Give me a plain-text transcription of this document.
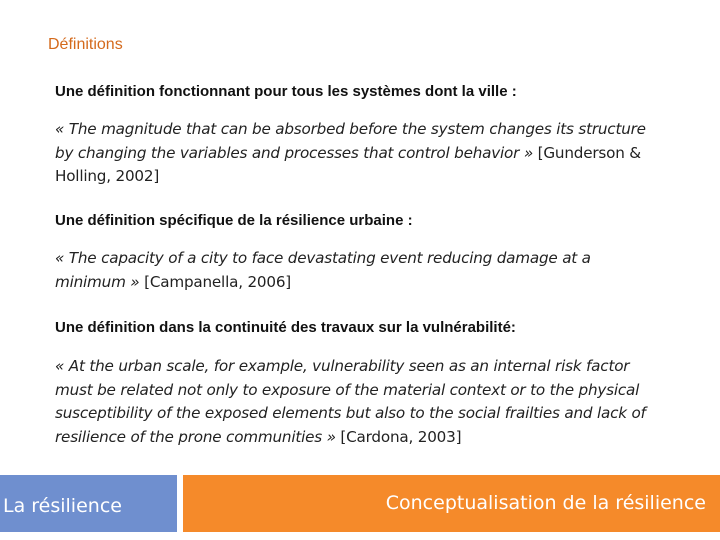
Définitions
Une définition fonctionnant pour tous les systèmes dont la ville :
« The magnitude that can be absorbed before the system changes its structure by changing the variables and processes that control behavior » [Gunderson & Holling, 2002]
Une définition spécifique de la résilience urbaine :
« The capacity of a city to face devastating event reducing damage at a minimum » [Campanella, 2006]
Une définition dans la continuité des travaux sur la vulnérabilité:
« At the urban scale, for example, vulnerability seen as an internal risk factor must be related not only to exposure of the material context or to the physical susceptibility of the exposed elements but also to the social frailties and lack of resilience of the prone communities » [Cardona, 2003]
La résilience	Conceptualisation de la résilience
